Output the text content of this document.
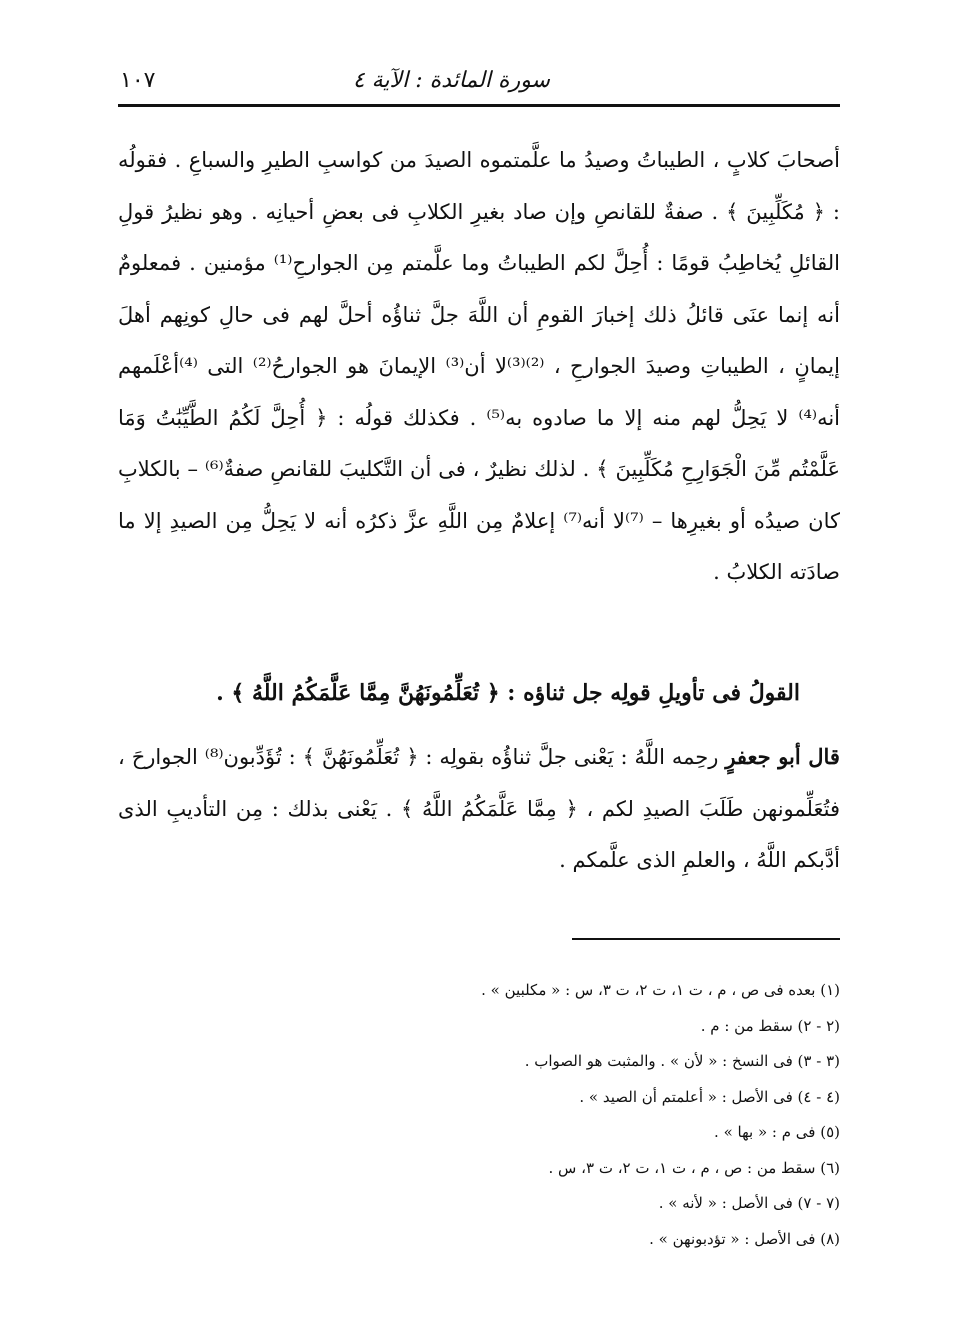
سورة المائدة : الآية ٤
١٠٧

أصحابَ كلابٍ ، الطيباتُ وصيدُ ما علَّمتموه الصيدَ من كواسبِ الطيرِ والسباعِ . فقولُه : ﴿ مُكَلِّبِينَ ﴾ . صفةٌ للقانصِ وإن صاد بغيرِ الكلابِ فى بعضِ أحيانِه . وهو نظيرُ قولِ القائلِ يُخاطِبُ قومًا : أُحِلَّ لكم الطيباتُ وما علَّمتم مِن الجوارحِ⁽¹⁾ مؤمنين . فمعلومٌ أنه إنما عنَى قائلُ ذلك إخبارَ القومِ أن اللَّهَ جلَّ ثناؤُه أحلَّ لهم فى حالِ كونِهم أهلَ إيمانٍ ، الطيباتِ وصيدَ الجوارحِ ، ⁽²⁾⁽³⁾لا أن⁽³⁾ الإيمانَ هو الجوارحُ⁽²⁾ التى ⁽⁴⁾أعْلَمهم أنه⁽⁴⁾ لا يَحِلُّ لهم منه إلا ما صادوه به⁽⁵⁾ . فكذلك قولُه : ﴿ أُحِلَّ لَكُمُ الطَّيِّبَٰتُ وَمَا عَلَّمْتُم مِّنَ الْجَوَارِحِ مُكَلِّبِينَ ﴾ . لذلك نظيرٌ ، فى أن التَّكليبَ للقانصِ صفةٌ⁽⁶⁾ – بالكلابِ كان صيدُه أو بغيرِها – ⁽⁷⁾لا أنه⁽⁷⁾ إعلامٌ مِن اللَّهِ عزَّ ذكرُه أنه لا يَحِلُّ مِن الصيدِ إلا ما صادَته الكلابُ .

القولُ فى تأويلِ قولِه جل ثناؤه : ﴿ تُعَلِّمُونَهُنَّ مِمَّا عَلَّمَكُمُ اللَّهُ ﴾ .

قال أبو جعفرٍ رحِمه اللَّهُ : يَعْنى جلَّ ثناؤُه بقولِه : ﴿ تُعَلِّمُونَهُنَّ ﴾ : تُؤَدِّبون⁽⁸⁾ الجوارحَ ، فتُعَلِّمونهن طَلَبَ الصيدِ لكم ، ﴿ مِمَّا عَلَّمَكُمُ اللَّهُ ﴾ . يَعْنى بذلك : مِن التأديبِ الذى أدَّبكم اللَّهُ ، والعلمِ الذى علَّمكم .

(١) بعده فى ص ، م ، ت ١، ت ٢، ت ٣، س : « مكلبين » .
(٢ - ٢) سقط من : م .
(٣ - ٣) فى النسخ : « لأن » . والمثبت هو الصواب .
(٤ - ٤) فى الأصل : « أعلمتم أن الصيد » .
(٥) فى م : « بها » .
(٦) سقط من : ص ، م ، ت ١، ت ٢، ت ٣، س .
(٧ - ٧) فى الأصل : « لأنه » .
(٨) فى الأصل : « تؤدبونهن » .
